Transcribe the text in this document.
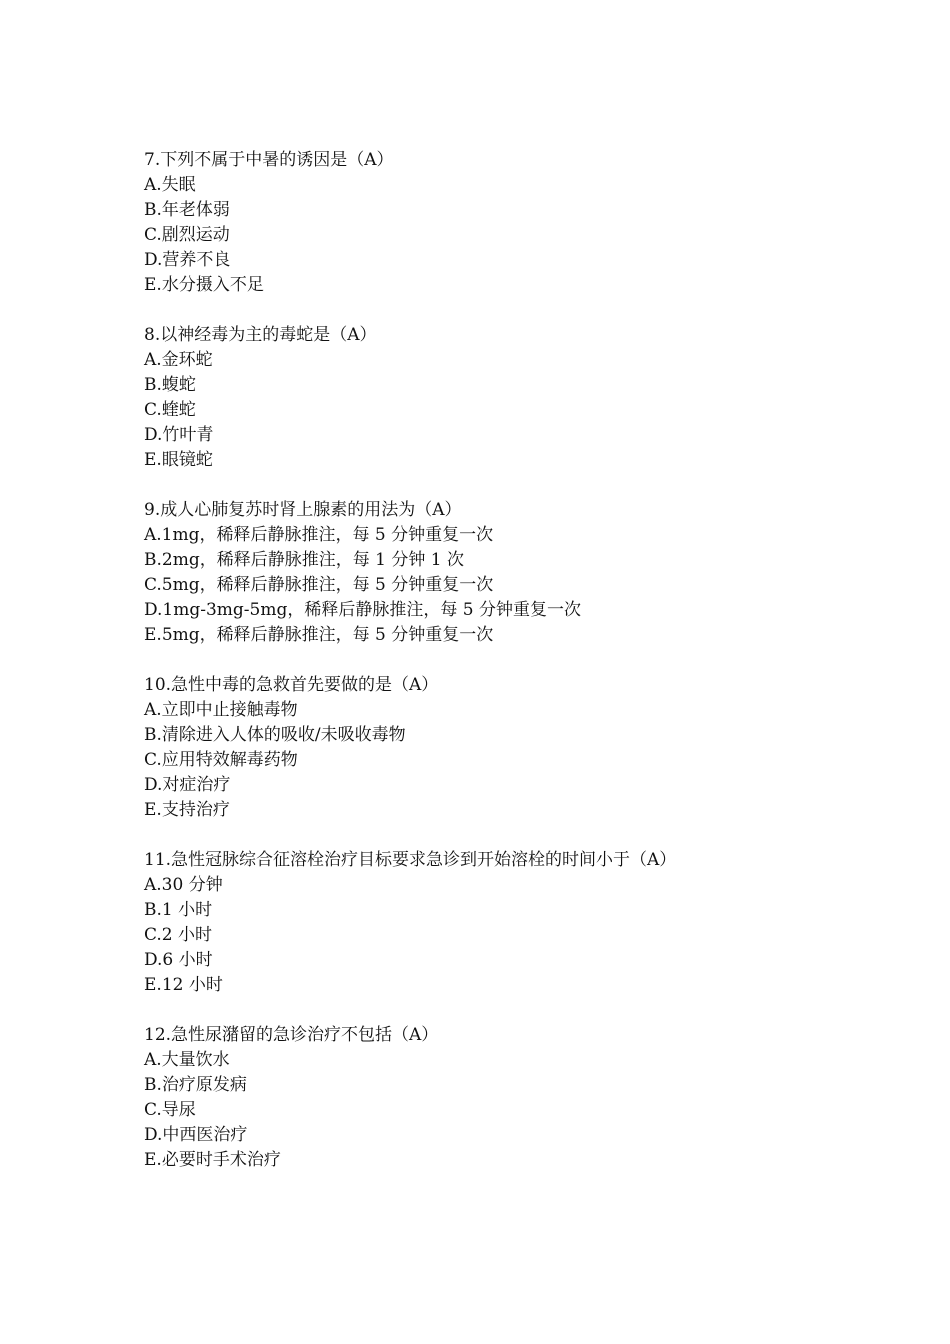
7.下列不属于中暑的诱因是（A）
A.失眠
B.年老体弱
C.剧烈运动
D.营养不良
E.水分摄入不足
8.以神经毒为主的毒蛇是（A）
A.金环蛇
B.蝮蛇
C.蝰蛇
D.竹叶青
E.眼镜蛇
9.成人心肺复苏时肾上腺素的用法为（A）
A.1mg，稀释后静脉推注，每 5 分钟重复一次
B.2mg，稀释后静脉推注，每 1 分钟 1 次
C.5mg，稀释后静脉推注，每 5 分钟重复一次
D.1mg-3mg-5mg，稀释后静脉推注，每 5 分钟重复一次
E.5mg，稀释后静脉推注，每 5 分钟重复一次
10.急性中毒的急救首先要做的是（A）
A.立即中止接触毒物
B.清除进入人体的吸收/未吸收毒物
C.应用特效解毒药物
D.对症治疗
E.支持治疗
11.急性冠脉综合征溶栓治疗目标要求急诊到开始溶栓的时间小于（A）
A.30 分钟
B.1 小时
C.2 小时
D.6 小时
E.12 小时
12.急性尿潴留的急诊治疗不包括（A）
A.大量饮水
B.治疗原发病
C.导尿
D.中西医治疗
E.必要时手术治疗
